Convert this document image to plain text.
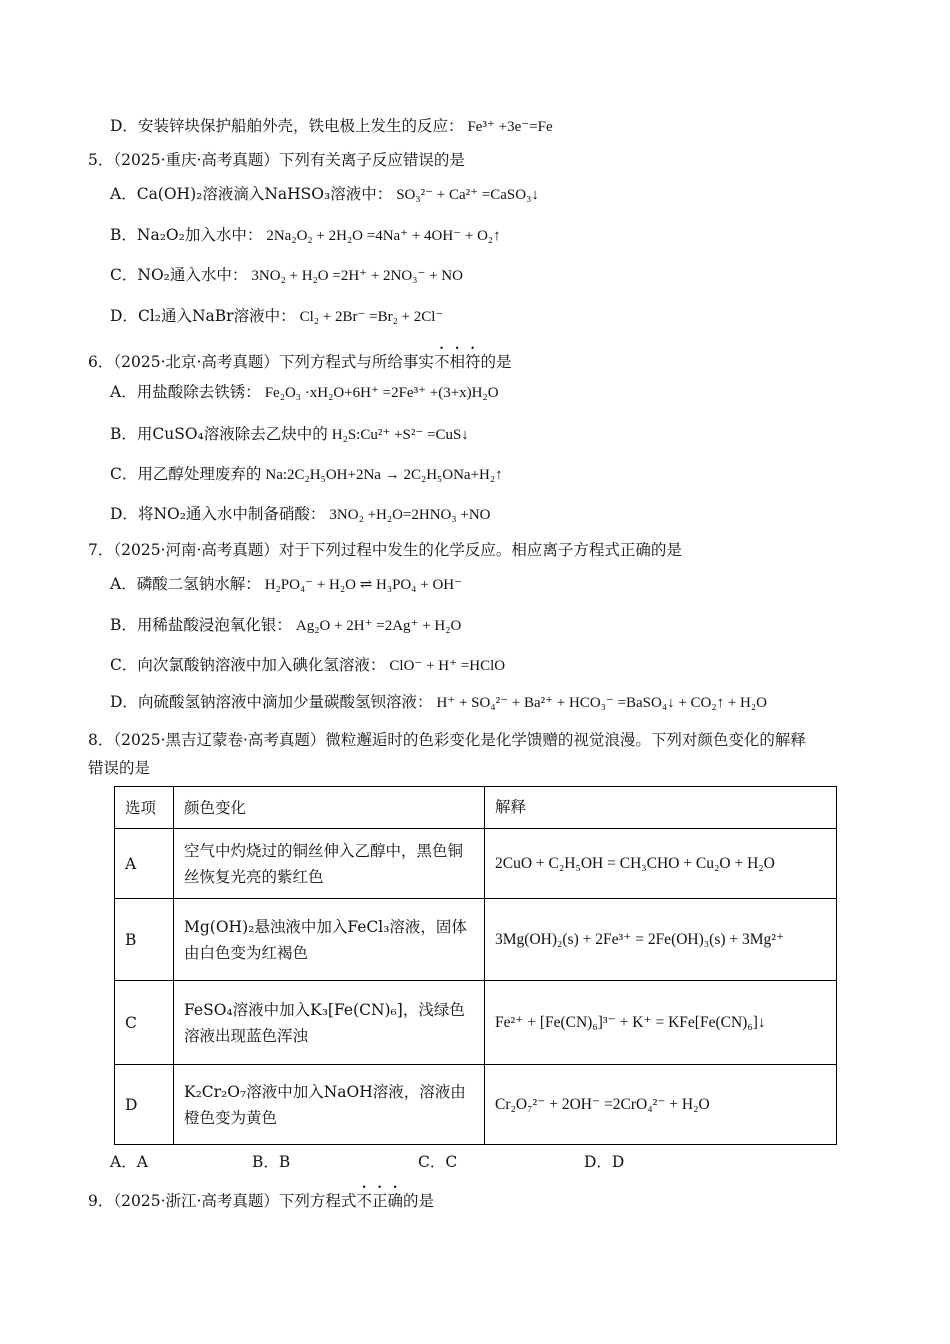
D．安装锌块保护船舶外壳，铁电极上发生的反应： Fe³⁺ +3e⁻=Fe
5．（2025·重庆·高考真题）下列有关离子反应错误的是
A．Ca(OH)₂溶液滴入NaHSO₃溶液中： SO₃²⁻ + Ca²⁺ =CaSO₃↓
B．Na₂O₂加入水中： 2Na₂O₂ + 2H₂O =4Na⁺ + 4OH⁻ + O₂↑
C．NO₂通入水中： 3NO₂ + H₂O =2H⁺ + 2NO₃⁻ + NO
D．Cl₂通入NaBr溶液中： Cl₂ + 2Br⁻ =Br₂ + 2Cl⁻
6．（2025·北京·高考真题）下列方程式与所给事实不相符的是
A．用盐酸除去铁锈： Fe₂O₃ ·xH₂O+6H⁺ =2Fe³⁺ +(3+x)H₂O
B．用CuSO₄溶液除去乙炔中的 H₂S:Cu²⁺ +S²⁻ =CuS↓
C．用乙醇处理废弃的 Na:2C₂H₅OH+2Na → 2C₂H₅ONa+H₂↑
D．将NO₂通入水中制备硝酸： 3NO₂ +H₂O=2HNO₃ +NO
7．（2025·河南·高考真题）对于下列过程中发生的化学反应。相应离子方程式正确的是
A．磷酸二氢钠水解： H₂PO₄⁻ + H₂O ⇌ H₃PO₄ + OH⁻
B．用稀盐酸浸泡氧化银： Ag₂O + 2H⁺ =2Ag⁺ + H₂O
C．向次氯酸钠溶液中加入碘化氢溶液： ClO⁻ + H⁺ =HClO
D．向硫酸氢钠溶液中滴加少量碳酸氢钡溶液： H⁺ + SO₄²⁻ + Ba²⁺ + HCO₃⁻ =BaSO₄↓ + CO₂↑ + H₂O
8．（2025·黑吉辽蒙卷·高考真题）微粒邂逅时的色彩变化是化学馈赠的视觉浪漫。下列对颜色变化的解释
错误的是
选项	颜色变化	解释
A	空气中灼烧过的铜丝伸入乙醇中，黑色铜丝恢复光亮的紫红色	2CuO + C₂H₅OH = CH₃CHO + Cu₂O + H₂O
B	Mg(OH)₂悬浊液中加入FeCl₃溶液，固体由白色变为红褐色	3Mg(OH)₂(s) + 2Fe³⁺ = 2Fe(OH)₃(s) + 3Mg²⁺
C	FeSO₄溶液中加入K₃[Fe(CN)₆]，浅绿色溶液出现蓝色浑浊	Fe²⁺ + [Fe(CN)₆]³⁻ + K⁺ = KFe[Fe(CN)₆]↓
D	K₂Cr₂O₇溶液中加入NaOH溶液，溶液由橙色变为黄色	Cr₂O₇²⁻ + 2OH⁻ =2CrO₄²⁻ + H₂O
A．A	B．B	C．C	D．D
9．（2025·浙江·高考真题）下列方程式不正确的是
